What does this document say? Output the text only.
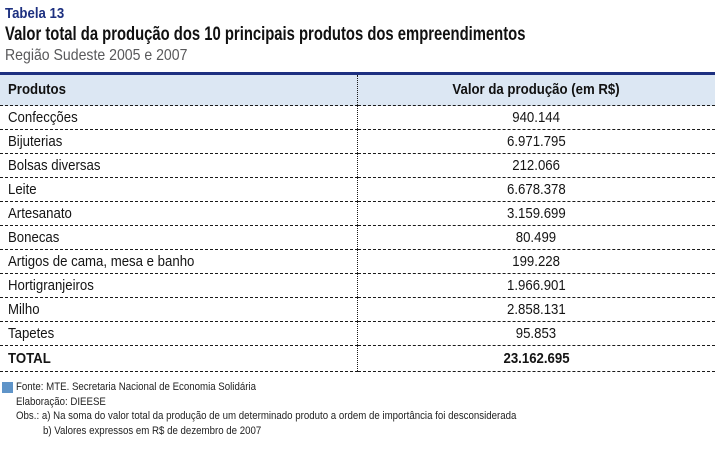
Tabela 13
Valor total da produção dos 10 principais produtos dos empreendimentos
Região Sudeste 2005 e 2007
Produtos	Valor da produção (em R$)
Confecções	940.144
Bijuterias	6.971.795
Bolsas diversas	212.066
Leite	6.678.378
Artesanato	3.159.699
Bonecas	80.499
Artigos de cama, mesa e banho	199.228
Hortigranjeiros	1.966.901
Milho	2.858.131
Tapetes	95.853
TOTAL	23.162.695
Fonte: MTE. Secretaria Nacional de Economia Solidária
Elaboração: DIEESE
Obs.: a) Na soma do valor total da produção de um determinado produto a ordem de importância foi desconsiderada
b) Valores expressos em R$ de dezembro de 2007
